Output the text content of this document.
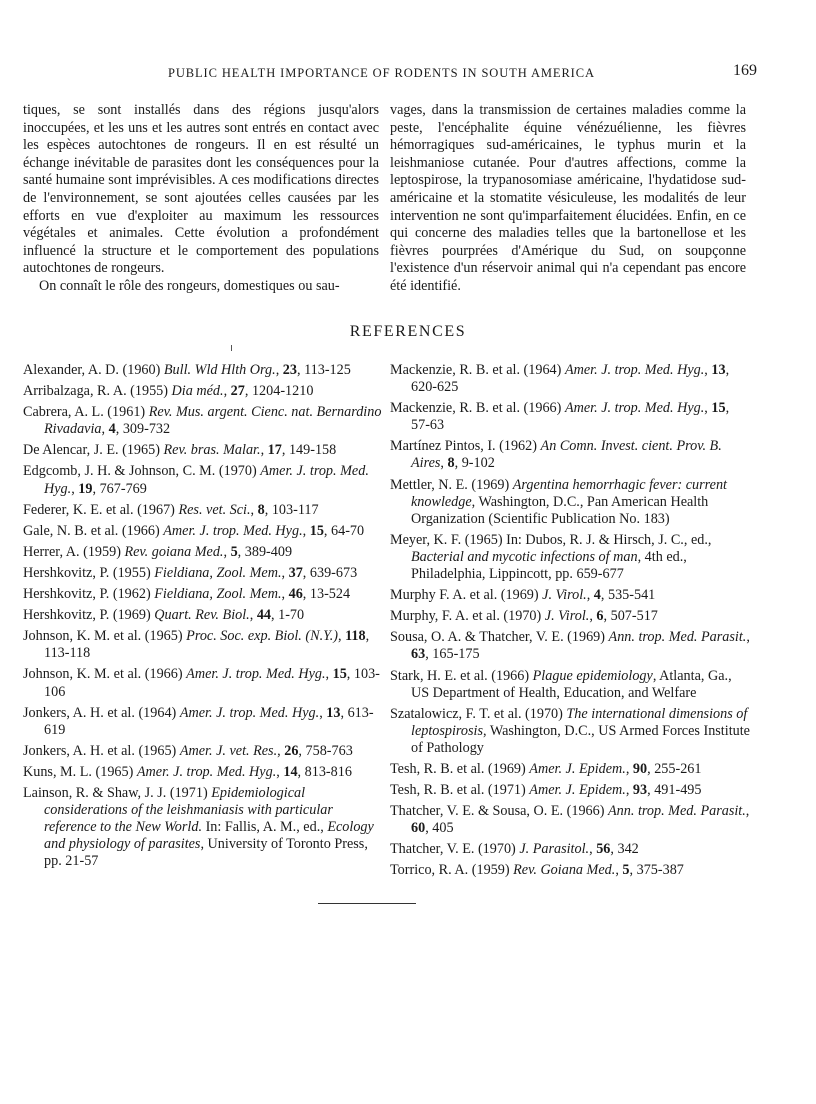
PUBLIC HEALTH IMPORTANCE OF RODENTS IN SOUTH AMERICA	169

tiques, se sont installés dans des régions jusqu'alors inoccupées, et les uns et les autres sont entrés en contact avec les espèces autochtones de rongeurs. Il en est résulté un échange inévitable de parasites dont les conséquences pour la santé humaine sont imprévisibles. A ces modifications directes de l'environnement, se sont ajoutées celles causées par les efforts en vue d'exploiter au maximum les ressources végétales et animales. Cette évolution a profondément influencé la structure et le comportement des populations autochtones de rongeurs.

On connaît le rôle des rongeurs, domestiques ou sau-

vages, dans la transmission de certaines maladies comme la peste, l'encéphalite équine vénézuélienne, les fièvres hémorragiques sud-américaines, le typhus murin et la leishmaniose cutanée. Pour d'autres affections, comme la leptospirose, la trypanosomiase américaine, l'hydatidose sud-américaine et la stomatite vésiculeuse, les modalités de leur intervention ne sont qu'imparfaitement élucidées. Enfin, en ce qui concerne des maladies telles que la bartonellose et les fièvres pourprées d'Amérique du Sud, on soupçonne l'existence d'un réservoir animal qui n'a cependant pas encore été identifié.

REFERENCES
Alexander, A. D. (1960) Bull. Wld Hlth Org., 23, 113-125
Arribalzaga, R. A. (1955) Dia méd., 27, 1204-1210
Cabrera, A. L. (1961) Rev. Mus. argent. Cienc. nat. Bernardino Rivadavia, 4, 309-732
De Alencar, J. E. (1965) Rev. bras. Malar., 17, 149-158
Edgcomb, J. H. & Johnson, C. M. (1970) Amer. J. trop. Med. Hyg., 19, 767-769
Federer, K. E. et al. (1967) Res. vet. Sci., 8, 103-117
Gale, N. B. et al. (1966) Amer. J. trop. Med. Hyg., 15, 64-70
Herrer, A. (1959) Rev. goiana Med., 5, 389-409
Hershkovitz, P. (1955) Fieldiana, Zool. Mem., 37, 639-673
Hershkovitz, P. (1962) Fieldiana, Zool. Mem., 46, 13-524
Hershkovitz, P. (1969) Quart. Rev. Biol., 44, 1-70
Johnson, K. M. et al. (1965) Proc. Soc. exp. Biol. (N.Y.), 118, 113-118
Johnson, K. M. et al. (1966) Amer. J. trop. Med. Hyg., 15, 103-106
Jonkers, A. H. et al. (1964) Amer. J. trop. Med. Hyg., 13, 613-619
Jonkers, A. H. et al. (1965) Amer. J. vet. Res., 26, 758-763
Kuns, M. L. (1965) Amer. J. trop. Med. Hyg., 14, 813-816
Lainson, R. & Shaw, J. J. (1971) Epidemiological considerations of the leishmaniasis with particular reference to the New World. In: Fallis, A. M., ed., Ecology and physiology of parasites, University of Toronto Press, pp. 21-57
Mackenzie, R. B. et al. (1964) Amer. J. trop. Med. Hyg., 13, 620-625
Mackenzie, R. B. et al. (1966) Amer. J. trop. Med. Hyg., 15, 57-63
Martínez Pintos, I. (1962) An Comn. Invest. cient. Prov. B. Aires, 8, 9-102
Mettler, N. E. (1969) Argentina hemorrhagic fever: current knowledge, Washington, D.C., Pan American Health Organization (Scientific Publication No. 183)
Meyer, K. F. (1965) In: Dubos, R. J. & Hirsch, J. C., ed., Bacterial and mycotic infections of man, 4th ed., Philadelphia, Lippincott, pp. 659-677
Murphy F. A. et al. (1969) J. Virol., 4, 535-541
Murphy, F. A. et al. (1970) J. Virol., 6, 507-517
Sousa, O. A. & Thatcher, V. E. (1969) Ann. trop. Med. Parasit., 63, 165-175
Stark, H. E. et al. (1966) Plague epidemiology, Atlanta, Ga., US Department of Health, Education, and Welfare
Szatalowicz, F. T. et al. (1970) The international dimensions of leptospirosis, Washington, D.C., US Armed Forces Institute of Pathology
Tesh, R. B. et al. (1969) Amer. J. Epidem., 90, 255-261
Tesh, R. B. et al. (1971) Amer. J. Epidem., 93, 491-495
Thatcher, V. E. & Sousa, O. E. (1966) Ann. trop. Med. Parasit., 60, 405
Thatcher, V. E. (1970) J. Parasitol., 56, 342
Torrico, R. A. (1959) Rev. Goiana Med., 5, 375-387
